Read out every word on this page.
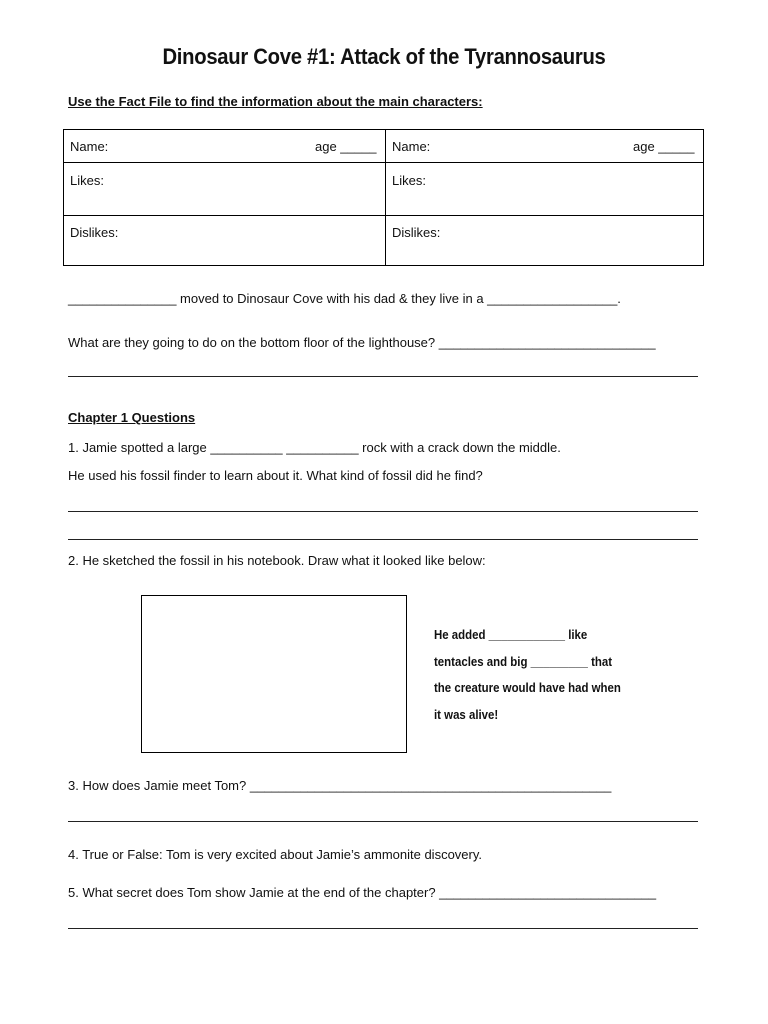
Dinosaur Cove #1: Attack of the Tyrannosaurus
Use the Fact File to find the information about the main characters:
Name:	age _____
Likes:
Dislikes:
Name:	age _____
Likes:
Dislikes:
_______________ moved to Dinosaur Cove with his dad & they live in a __________________.
What are they going to do on the bottom floor of the lighthouse? ______________________________
Chapter 1 Questions
1. Jamie spotted a large __________ __________ rock with a crack down the middle.
He used his fossil finder to learn about it. What kind of fossil did he find?
2. He sketched the fossil in his notebook. Draw what it looked like below:
He added ____________ like
tentacles and big _________ that
the creature would have had when
it was alive!
3. How does Jamie meet Tom? __________________________________________________
4. True or False: Tom is very excited about Jamie’s ammonite discovery.
5. What secret does Tom show Jamie at the end of the chapter? ______________________________
